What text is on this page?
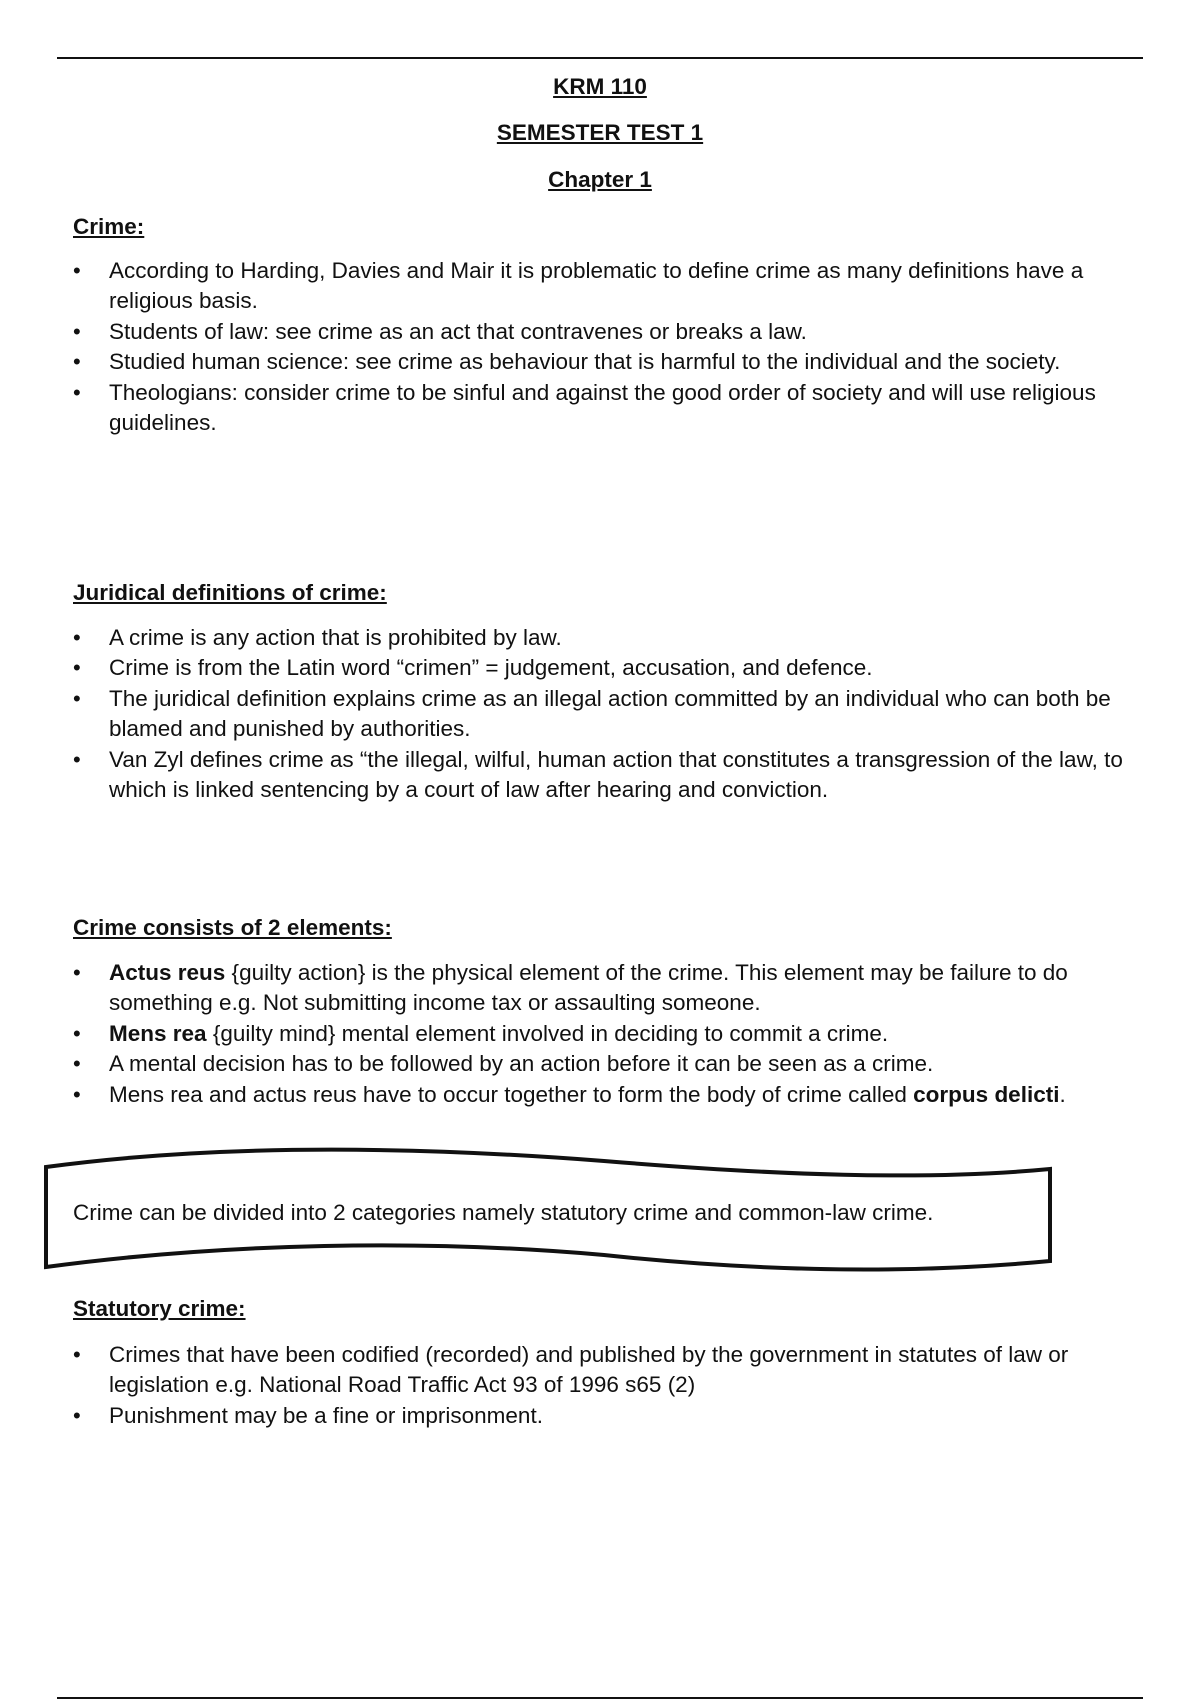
KRM 110
SEMESTER TEST 1
Chapter 1
Crime:
• According to Harding, Davies and Mair it is problematic to define crime as many definitions have a religious basis.
• Students of law: see crime as an act that contravenes or breaks a law.
• Studied human science: see crime as behaviour that is harmful to the individual and the society.
• Theologians: consider crime to be sinful and against the good order of society and will use religious guidelines.
Juridical definitions of crime:
• A crime is any action that is prohibited by law.
• Crime is from the Latin word “crimen” = judgement, accusation, and defence.
• The juridical definition explains crime as an illegal action committed by an individual who can both be blamed and punished by authorities.
• Van Zyl defines crime as “the illegal, wilful, human action that constitutes a transgression of the law, to which is linked sentencing by a court of law after hearing and conviction.
Crime consists of 2 elements:
• Actus reus {guilty action} is the physical element of the crime. This element may be failure to do something e.g. Not submitting income tax or assaulting someone.
• Mens rea {guilty mind} mental element involved in deciding to commit a crime.
• A mental decision has to be followed by an action before it can be seen as a crime.
• Mens rea and actus reus have to occur together to form the body of crime called corpus delicti.
Crime can be divided into 2 categories namely statutory crime and common-law crime.
Statutory crime:
• Crimes that have been codified (recorded) and published by the government in statutes of law or legislation e.g. National Road Traffic Act 93 of 1996 s65 (2)
• Punishment may be a fine or imprisonment.
